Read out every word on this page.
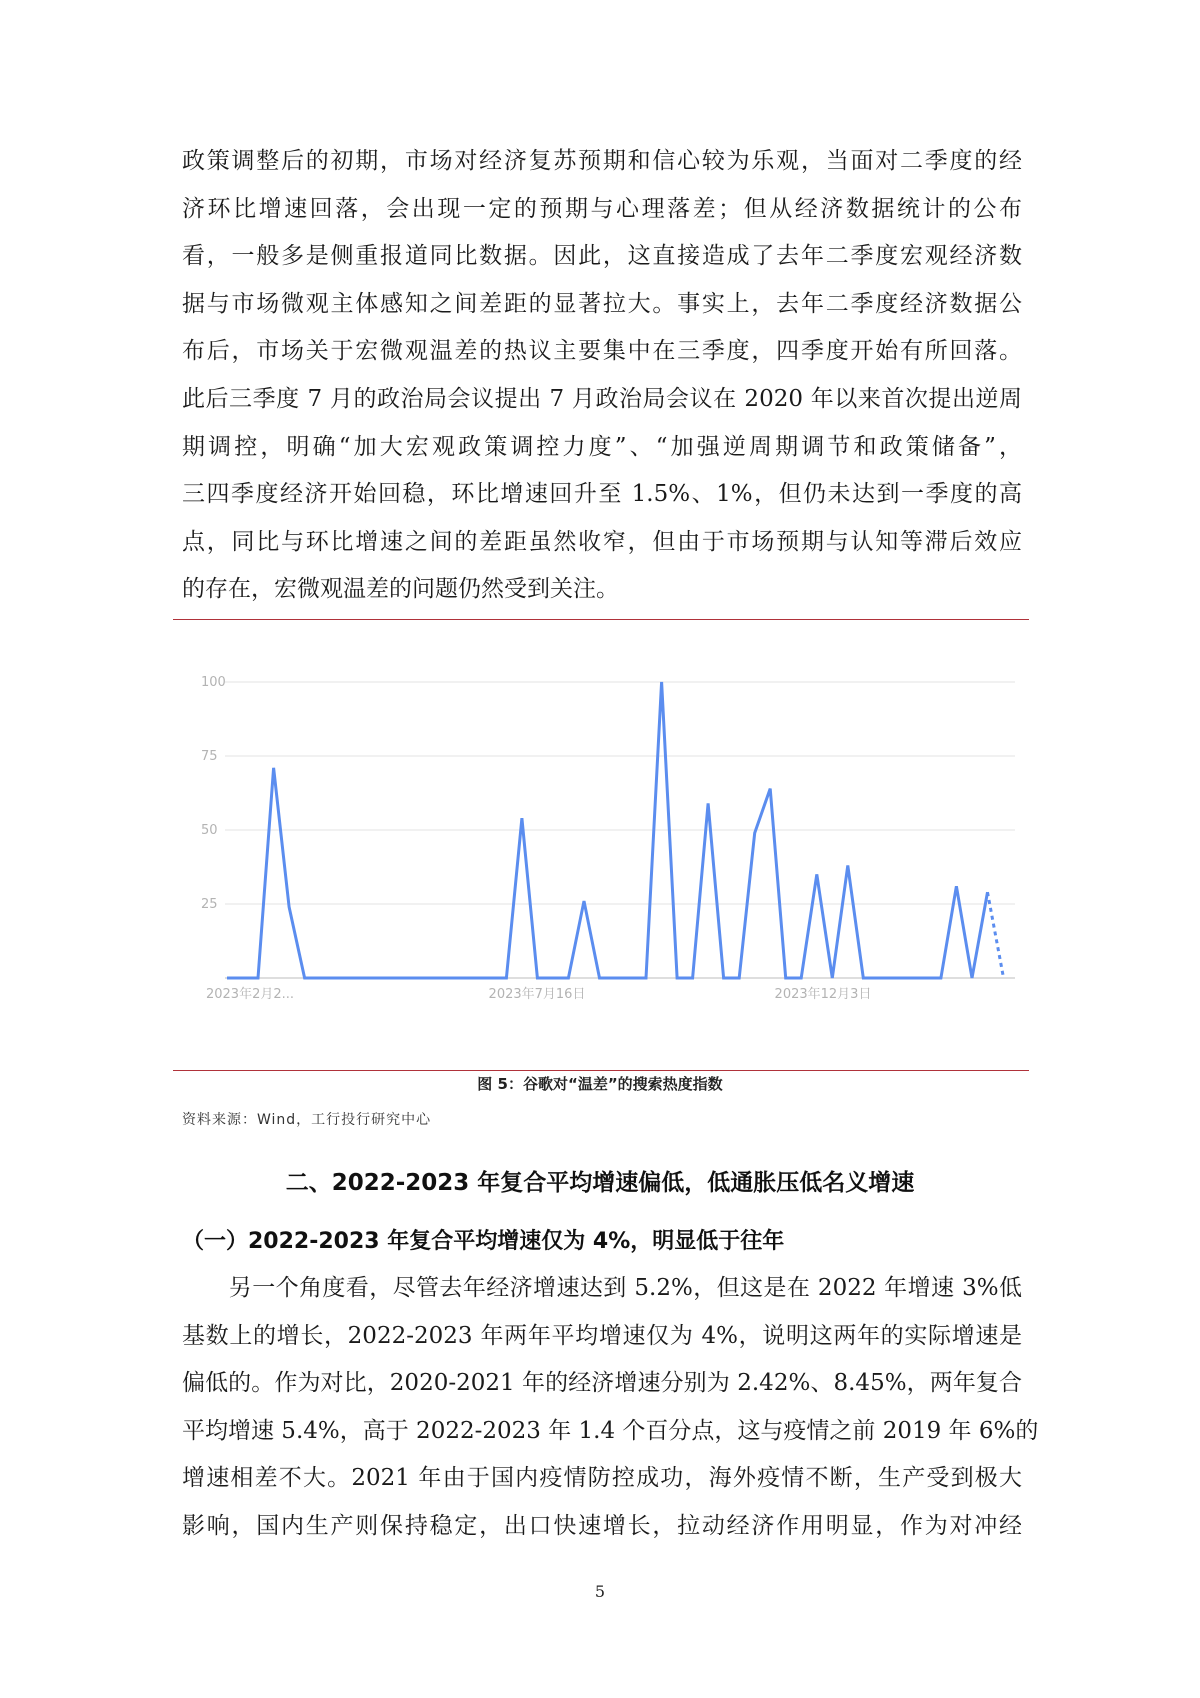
政策调整后的初期，市场对经济复苏预期和信心较为乐观，当面对二季度的经
济环比增速回落，会出现一定的预期与心理落差；但从经济数据统计的公布
看，一般多是侧重报道同比数据。因此，这直接造成了去年二季度宏观经济数
据与市场微观主体感知之间差距的显著拉大。事实上，去年二季度经济数据公
布后，市场关于宏微观温差的热议主要集中在三季度，四季度开始有所回落。
此后三季度 7 月的政治局会议提出 7 月政治局会议在 2020 年以来首次提出逆周
期调控，明确“加大宏观政策调控力度”、“加强逆周期调节和政策储备”，
三四季度经济开始回稳，环比增速回升至 1.5%、1%，但仍未达到一季度的高
点，同比与环比增速之间的差距虽然收窄，但由于市场预期与认知等滞后效应
的存在，宏微观温差的问题仍然受到关注。
100
75
50
25
2023年2月2...	2023年7月16日	2023年12月3日
图 5：谷歌对“温差”的搜索热度指数
资料来源：Wind，工行投行研究中心
二、2022-2023 年复合平均增速偏低，低通胀压低名义增速
（一）2022-2023 年复合平均增速仅为 4%，明显低于往年
　　另一个角度看，尽管去年经济增速达到 5.2%，但这是在 2022 年增速 3%低
基数上的增长，2022-2023 年两年平均增速仅为 4%，说明这两年的实际增速是
偏低的。作为对比，2020-2021 年的经济增速分别为 2.42%、8.45%，两年复合
平均增速 5.4%，高于 2022-2023 年 1.4 个百分点，这与疫情之前 2019 年 6%的
增速相差不大。2021 年由于国内疫情防控成功，海外疫情不断，生产受到极大
影响，国内生产则保持稳定，出口快速增长，拉动经济作用明显，作为对冲经
5
